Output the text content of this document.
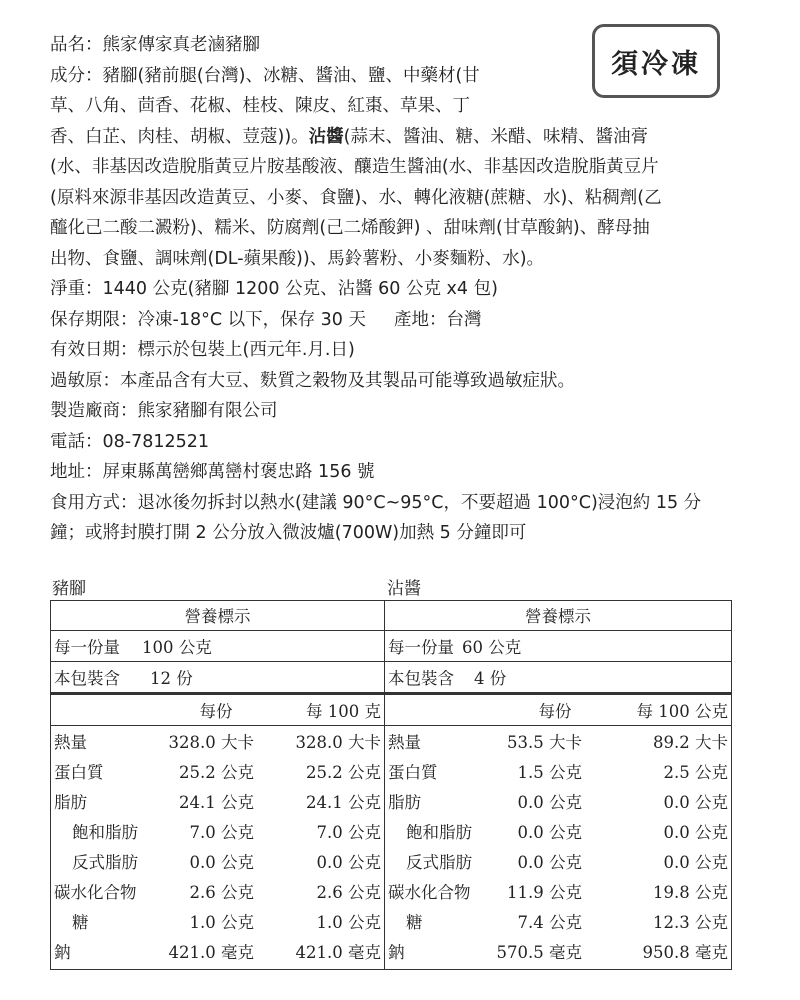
品名：熊家傳家真老滷豬腳

成分：豬腳(豬前腿(台灣)、冰糖、醬油、鹽、中藥材(甘

草、八角、茴香、花椒、桂枝、陳皮、紅棗、草果、丁

香、白芷、肉桂、胡椒、荳蔻))。沾醬(蒜末、醬油、糖、米醋、味精、醬油膏

(水、非基因改造脫脂黃豆片胺基酸液、釀造生醬油(水、非基因改造脫脂黃豆片

(原料來源非基因改造黃豆、小麥、食鹽)、水、轉化液糖(蔗糖、水)、粘稠劑(乙

醯化己二酸二澱粉)、糯米、防腐劑(己二烯酸鉀) 、甜味劑(甘草酸鈉)、酵母抽

出物、食鹽、調味劑(DL-蘋果酸))、馬鈴薯粉、小麥麵粉、水)。

淨重：1440 公克(豬腳 1200 公克、沾醬 60 公克 x4 包)

保存期限：冷凍-18°C 以下，保存 30 天 產地：台灣

有效日期：標示於包裝上(西元年.月.日)

過敏原：本產品含有大豆、麩質之穀物及其製品可能導致過敏症狀。

製造廠商：熊家豬腳有限公司

電話：08-7812521

地址：屏東縣萬巒鄉萬巒村褒忠路 156 號

食用方式：退冰後勿拆封以熱水(建議 90°C~95°C，不要超過 100°C)浸泡約 15 分

鐘；或將封膜打開 2 公分放入微波爐(700W)加熱 5 分鐘即可

須冷凍
豬腳	沾醬
營養標示		
每一份量 100 公克		
本包裝含 12 份		
	每份	每 100 克
熱量	328.0 大卡	328.0 大卡
蛋白質	25.2 公克	25.2 公克
脂肪	24.1 公克	24.1 公克
飽和脂肪	7.0 公克	7.0 公克
反式脂肪	0.0 公克	0.0 公克
碳水化合物	2.6 公克	2.6 公克
糖	1.0 公克	1.0 公克
鈉	421.0 毫克	421.0 毫克
營養標示		
每一份量 60 公克		
本包裝含 4 份		
	每份	每 100 公克
熱量	53.5 大卡	89.2 大卡
蛋白質	1.5 公克	2.5 公克
脂肪	0.0 公克	0.0 公克
飽和脂肪	0.0 公克	0.0 公克
反式脂肪	0.0 公克	0.0 公克
碳水化合物	11.9 公克	19.8 公克
糖	7.4 公克	12.3 公克
鈉	570.5 毫克	950.8 毫克
